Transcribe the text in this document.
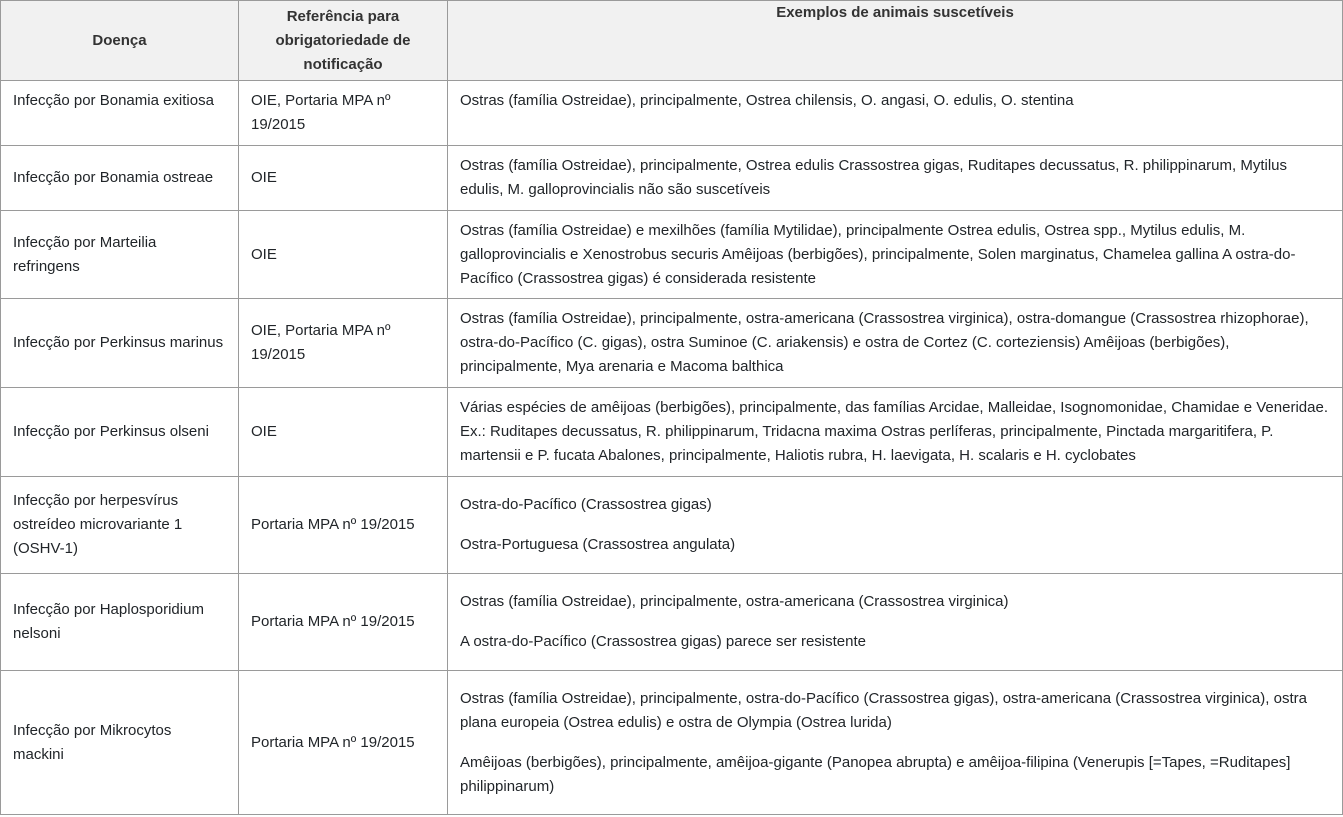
Doença	Referência para obrigatoriedade de notificação	Exemplos de animais suscetíveis
Infecção por Bonamia exitiosa	OIE, Portaria MPA nº 19/2015	Ostras (família Ostreidae), principalmente, Ostrea chilensis, O. angasi, O. edulis, O. stentina

Infecção por Bonamia ostreae	OIE	Ostras (família Ostreidae), principalmente, Ostrea edulis Crassostrea gigas, Ruditapes decussatus, R. philippinarum, Mytilus edulis, M. galloprovincialis não são suscetíveis

Infecção por Marteilia refringens	OIE	Ostras (família Ostreidae) e mexilhões (família Mytilidae), principalmente Ostrea edulis, Ostrea spp., Mytilus edulis, M. galloprovincialis e Xenostrobus securis Amêijoas (berbigões), principalmente, Solen marginatus, Chamelea gallina A ostra-do-Pacífico (Crassostrea gigas) é considerada resistente

Infecção por Perkinsus marinus	OIE, Portaria MPA nº 19/2015	Ostras (família Ostreidae), principalmente, ostra-americana (Crassostrea virginica), ostra-domangue (Crassostrea rhizophorae), ostra-do-Pacífico (C. gigas), ostra Suminoe (C. ariakensis) e ostra de Cortez (C. corteziensis) Amêijoas (berbigões), principalmente, Mya arenaria e Macoma balthica

Infecção por Perkinsus olseni	OIE	Várias espécies de amêijoas (berbigões), principalmente, das famílias Arcidae, Malleidae, Isognomonidae, Chamidae e Veneridae. Ex.: Ruditapes decussatus, R. philippinarum, Tridacna maxima Ostras perlíferas, principalmente, Pinctada margaritifera, P. martensii e P. fucata Abalones, principalmente, Haliotis rubra, H. laevigata, H. scalaris e H. cyclobates

Infecção por herpesvírus ostreídeo microvariante 1 (OSHV-1)	Portaria MPA nº 19/2015	Ostra-do-Pacífico (Crassostrea gigas)

Ostra-Portuguesa (Crassostrea angulata)

Infecção por Haplosporidium nelsoni	Portaria MPA nº 19/2015	Ostras (família Ostreidae), principalmente, ostra-americana (Crassostrea virginica)

A ostra-do-Pacífico (Crassostrea gigas) parece ser resistente

Infecção por Mikrocytos mackini	Portaria MPA nº 19/2015	Ostras (família Ostreidae), principalmente, ostra-do-Pacífico (Crassostrea gigas), ostra-americana (Crassostrea virginica), ostra plana europeia (Ostrea edulis) e ostra de Olympia (Ostrea lurida)

Amêijoas (berbigões), principalmente, amêijoa-gigante (Panopea abrupta) e amêijoa-filipina (Venerupis [=Tapes, =Ruditapes] philippinarum)
